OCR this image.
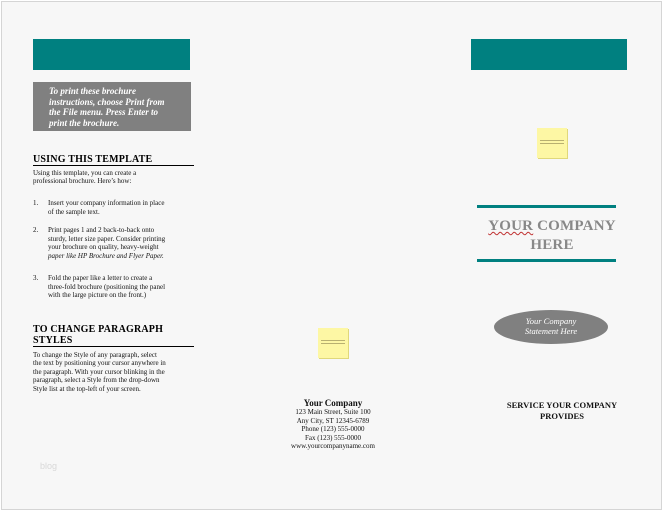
To print these brochure
instructions, choose Print from
the File menu. Press Enter to
print the brochure.
USING THIS TEMPLATE
Using this template, you can create a
professional brochure. Here’s how:
1. Insert your company information in place
of the sample text.
2. Print pages 1 and 2 back-to-back onto
sturdy, letter size paper. Consider printing
your brochure on quality, heavy-weight
paper like HP Brochure and Flyer Paper.
3. Fold the paper like a letter to create a
three-fold brochure (positioning the panel
with the large picture on the front.)
TO CHANGE PARAGRAPH
STYLES
To change the Style of any paragraph, select
the text by positioning your cursor anywhere in
the paragraph. With your cursor blinking in the
paragraph, select a Style from the drop-down
Style list at the top-left of your screen.
blog
Your Company
123 Main Street, Suite 100
Any City, ST 12345-6789
Phone (123) 555-0000
Fax (123) 555-0000
www.yourcompanyname.com
YOUR COMPANY
HERE
Your Company
Statement Here
SERVICE YOUR COMPANY
PROVIDES
